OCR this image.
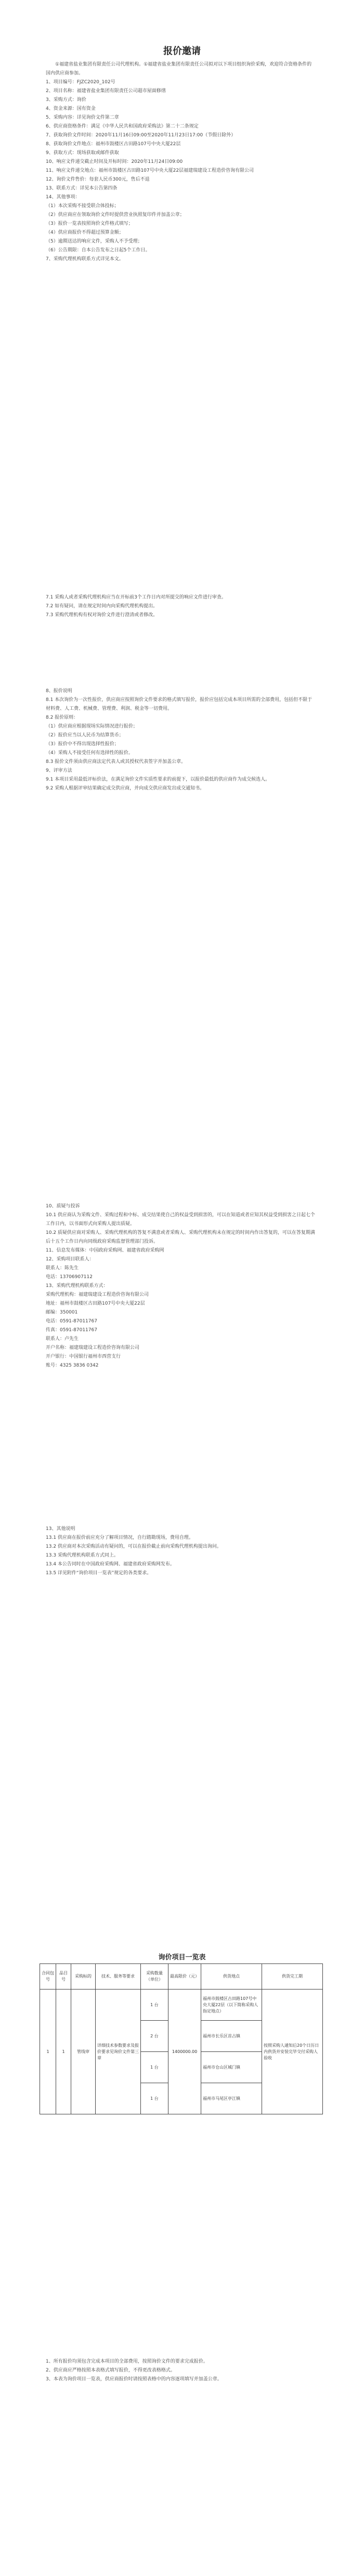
报价邀请

①福建省盐业集团有限责任公司代理机构。①福建省盐业集团有限责任公司拟对以下项目组织询价采购，欢迎符合资格条件的国内供应商参加。

1、项目编号：FJZC2020_102号

2、项目名称：福建省盐业集团有限责任公司超市屋面修缮

3、采购方式：询价

4、资金来源：国有资金

5、采购内容：详见询价文件第二章

6、供应商资格条件：满足《中华人民共和国政府采购法》第二十二条规定

7、获取询价文件时间：2020年11月16日09:00至2020年11月23日17:00（节假日除外）

8、获取询价文件地点：福州市鼓楼区古田路107号中央大厦22层

9、获取方式：现场获取或邮件获取

10、响应文件递交截止时间及开标时间：2020年11月24日09:00

11、响应文件递交地点：福州市鼓楼区古田路107号中央大厦22层福建瑞建设工程造价咨询有限公司

12、询价文件售价：每套人民币300元，售后不退

13、联系方式：详见本公告第四条

14、其他事项：

（1）本次采购不接受联合体投标；

（2）供应商应在领取询价文件时提供营业执照复印件并加盖公章；

（3）报价一览表按照询价文件格式填写；

（4）供应商报价不得超过预算金额；

（5）逾期送达的响应文件，采购人不予受理；

（6）公告期限：自本公告发布之日起5个工作日。

7、采购代理机构联系方式详见本文。

7.1 采购人或者采购代理机构应当在开标前3个工作日内对所提交的响应文件进行审查。

7.2 如有疑问，请在规定时间内向采购代理机构提出。

7.3 采购代理机构有权对询价文件进行澄清或者修改。

8、报价说明

8.1 本次询价为一次性报价，供应商应按照询价文件要求的格式填写报价，报价应包括完成本项目所需的全部费用，包括但不限于材料费、人工费、机械费、管理费、利润、税金等一切费用。

8.2 报价原则：

（1）供应商应根据现场实际情况进行报价；

（2）报价应当以人民币为结算货币；

（3）报价中不得出现选择性报价；

（4）采购人不接受任何有选择性的报价。

8.3 报价文件须由供应商法定代表人或其授权代表签字并加盖公章。

9、评审方法

9.1 本项目采用最低评标价法，在满足询价文件实质性要求的前提下，以报价最低的供应商作为成交候选人。

9.2 采购人根据评审结果确定成交供应商，并向成交供应商发出成交通知书。

10、质疑与投诉

10.1 供应商认为采购文件、采购过程和中标、成交结果使自己的权益受到损害的，可以在知道或者应知其权益受到损害之日起七个工作日内，以书面形式向采购人提出质疑。

10.2 质疑供应商对采购人、采购代理机构的答复不满意或者采购人、采购代理机构未在规定的时间内作出答复的，可以在答复期满后十五个工作日内向同级政府采购监督管理部门投诉。

11、信息发布媒体：中国政府采购网、福建省政府采购网

12、采购项目联系人：

联系人：陈先生

电话：13706907112

13、采购代理机构联系方式：

采购代理机构：福建瑞建设工程造价咨询有限公司

地址：福州市鼓楼区古田路107号中央大厦22层

邮编：350001

电话：0591-87011767

传真：0591-87011767

联系人：卢先生

开户名称：福建瑞建设工程造价咨询有限公司

开户银行：中国银行福州市西营支行

账号：4325 3836 0342

13、其他说明

13.1 供应商在报价前应充分了解项目情况，自行踏勘现场，费用自理。

13.2 供应商对本次采购活动有疑问的，可以在报价截止前向采购代理机构提出询问。

13.3 采购代理机构联系方式同上。

13.4 本公告同时在中国政府采购网、福建省政府采购网发布。

13.5 详见附件“询价项目一览表”规定的各类要求。

询价项目一览表
合同包号	品目号	采购标的	技术、服务等要求	采购数量（单位）	最高限价（元）	供货地点	供货完工期
1	1	管线审	详细技术参数要求及报价要求见询价文件第三章	1 台	1400000.00	福州市鼓楼区古田路107号中央大厦22层（以下简称采购人指定地点）	按照采购人通知后20个日历日内供货并安装完毕交付采购人验收
				2 台		福州市长乐区首占镇	
				1 台		福州市仓山区城门镇	
				1 台		福州市马尾区亭江镇	

1、所有报价均须包含完成本项目的全部费用，按照询价文件的要求完成报价。

2、供应商应严格按照本表格式填写报价，不得更改表格格式。

3、本表为询价项目一览表，供应商报价时请按照表格中的内容逐项填写并加盖公章。
